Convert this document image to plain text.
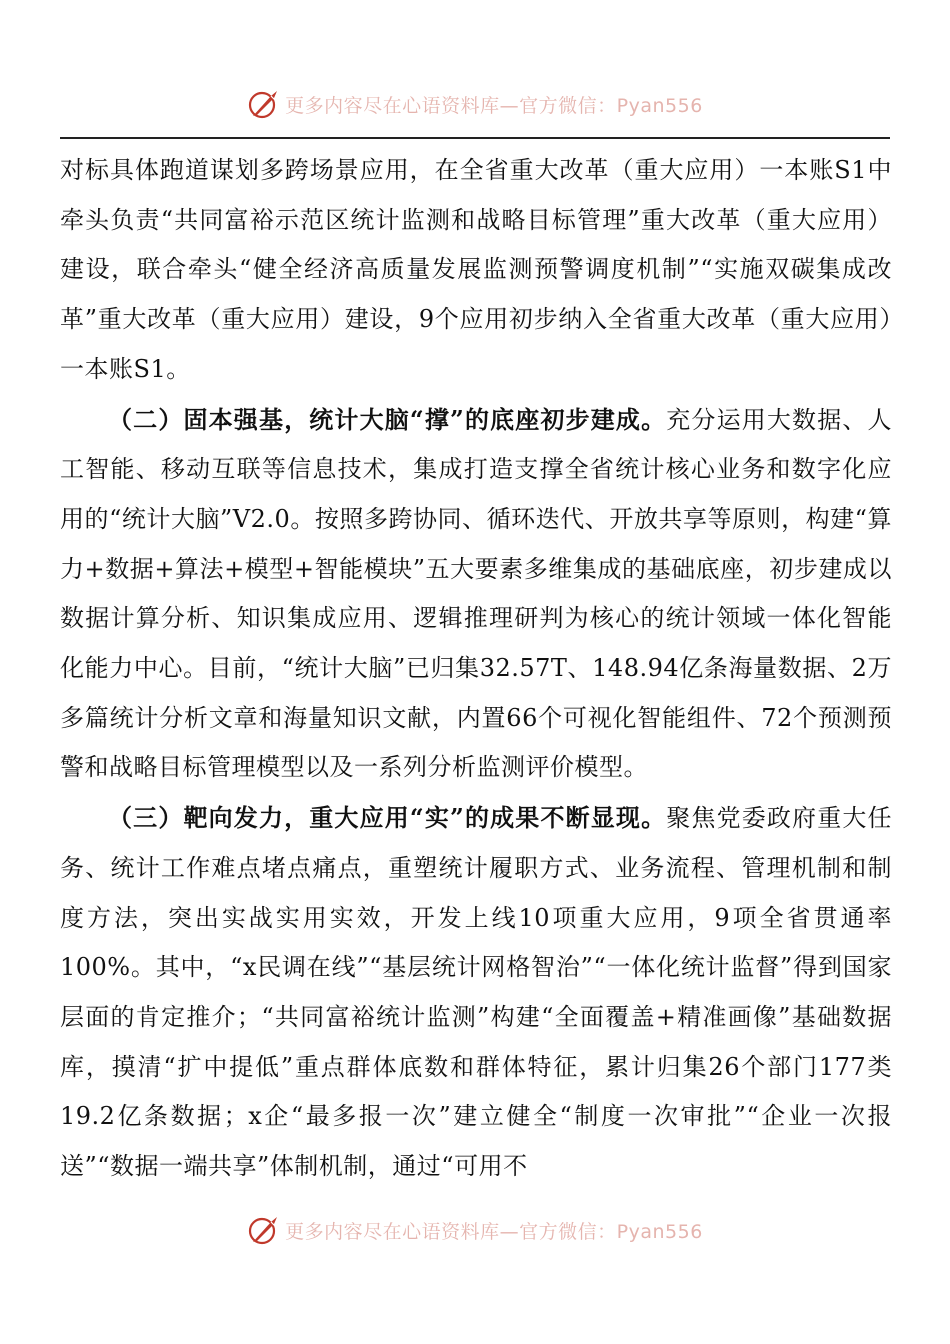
更多内容尽在心语资料库—官方微信：Pyan556

对标具体跑道谋划多跨场景应用，在全省重大改革（重大应用）一本账S1中牵头负责“共同富裕示范区统计监测和战略目标管理”重大改革（重大应用）建设，联合牵头“健全经济高质量发展监测预警调度机制”“实施双碳集成改革”重大改革（重大应用）建设，9个应用初步纳入全省重大改革（重大应用）一本账S1。

（二）固本强基，统计大脑“撑”的底座初步建成。充分运用大数据、人工智能、移动互联等信息技术，集成打造支撑全省统计核心业务和数字化应用的“统计大脑”V2.0。按照多跨协同、循环迭代、开放共享等原则，构建“算力+数据+算法+模型+智能模块”五大要素多维集成的基础底座，初步建成以数据计算分析、知识集成应用、逻辑推理研判为核心的统计领域一体化智能化能力中心。目前，“统计大脑”已归集32.57T、148.94亿条海量数据、2万多篇统计分析文章和海量知识文献，内置66个可视化智能组件、72个预测预警和战略目标管理模型以及一系列分析监测评价模型。

（三）靶向发力，重大应用“实”的成果不断显现。聚焦党委政府重大任务、统计工作难点堵点痛点，重塑统计履职方式、业务流程、管理机制和制度方法，突出实战实用实效，开发上线10项重大应用，9项全省贯通率100%。其中，“x民调在线”“基层统计网格智治”“一体化统计监督”得到国家层面的肯定推介；“共同富裕统计监测”构建“全面覆盖+精准画像”基础数据库，摸清“扩中提低”重点群体底数和群体特征，累计归集26个部门177类19.2亿条数据；x企“最多报一次”建立健全“制度一次审批”“企业一次报送”“数据一端共享”体制机制，通过“可用不

更多内容尽在心语资料库—官方微信：Pyan556
